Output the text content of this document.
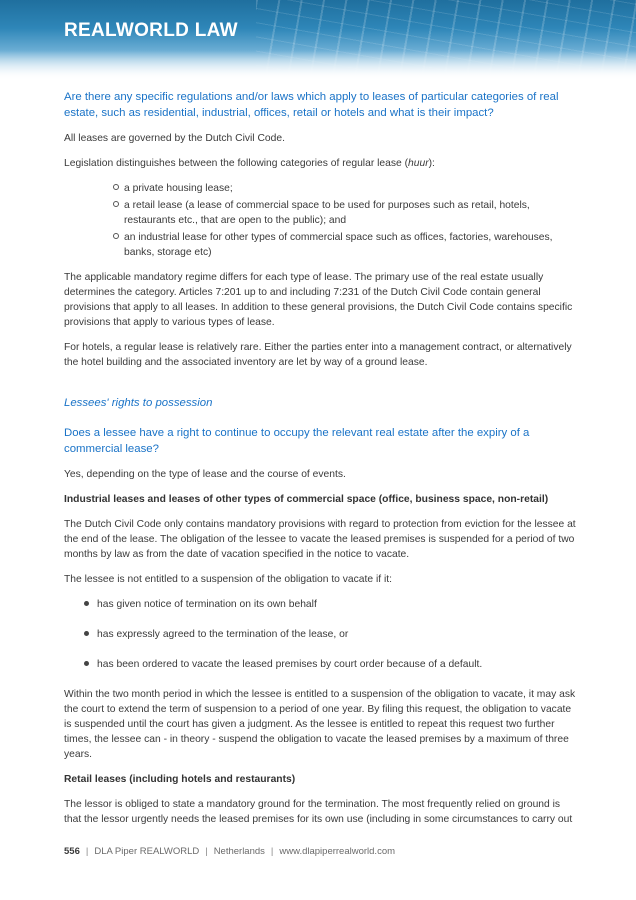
REALWORLD LAW

Are there any specific regulations and/or laws which apply to leases of particular categories of real estate, such as residential, industrial, offices, retail or hotels and what is their impact?

All leases are governed by the Dutch Civil Code.

Legislation distinguishes between the following categories of regular lease (huur):

a private housing lease;
a retail lease (a lease of commercial space to be used for purposes such as retail, hotels, restaurants etc., that are open to the public); and
an industrial lease for other types of commercial space such as offices, factories, warehouses, banks, storage etc)

The applicable mandatory regime differs for each type of lease. The primary use of the real estate usually determines the category. Articles 7:201 up to and including 7:231 of the Dutch Civil Code contain general provisions that apply to all leases. In addition to these general provisions, the Dutch Civil Code contains specific provisions that apply to various types of lease.

For hotels, a regular lease is relatively rare. Either the parties enter into a management contract, or alternatively the hotel building and the associated inventory are let by way of a ground lease.

Lessees' rights to possession

Does a lessee have a right to continue to occupy the relevant real estate after the expiry of a commercial lease?

Yes, depending on the type of lease and the course of events.

Industrial leases and leases of other types of commercial space (office, business space, non-retail)

The Dutch Civil Code only contains mandatory provisions with regard to protection from eviction for the lessee at the end of the lease. The obligation of the lessee to vacate the leased premises is suspended for a period of two months by law as from the date of vacation specified in the notice to vacate.

The lessee is not entitled to a suspension of the obligation to vacate if it:

has given notice of termination on its own behalf
has expressly agreed to the termination of the lease, or
has been ordered to vacate the leased premises by court order because of a default.

Within the two month period in which the lessee is entitled to a suspension of the obligation to vacate, it may ask the court to extend the term of suspension to a period of one year. By filing this request, the obligation to vacate is suspended until the court has given a judgment. As the lessee is entitled to repeat this request two further times, the lessee can - in theory - suspend the obligation to vacate the leased premises by a maximum of three years.

Retail leases (including hotels and restaurants)

The lessor is obliged to state a mandatory ground for the termination. The most frequently relied on ground is that the lessor urgently needs the leased premises for its own use (including in some circumstances to carry out

556 | DLA Piper REALWORLD | Netherlands | www.dlapiperrealworld.com
